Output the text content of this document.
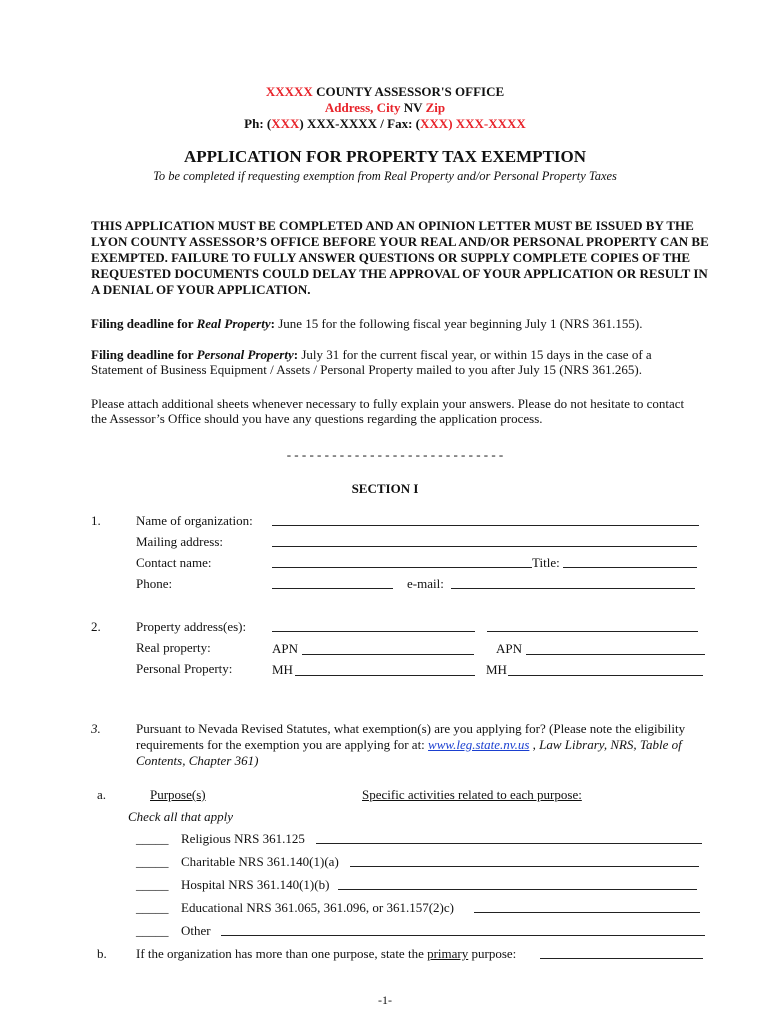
XXXXX COUNTY ASSESSOR'S OFFICE
Address, City NV Zip
Ph: (XXX) XXX-XXXX / Fax: (XXX) XXX-XXXX
APPLICATION FOR PROPERTY TAX EXEMPTION
To be completed if requesting exemption from Real Property and/or Personal Property Taxes
THIS APPLICATION MUST BE COMPLETED AND AN OPINION LETTER MUST BE ISSUED BY THE LYON COUNTY ASSESSOR’S OFFICE BEFORE YOUR REAL AND/OR PERSONAL PROPERTY CAN BE EXEMPTED. FAILURE TO FULLY ANSWER QUESTIONS OR SUPPLY COMPLETE COPIES OF THE REQUESTED DOCUMENTS COULD DELAY THE APPROVAL OF YOUR APPLICATION OR RESULT IN A DENIAL OF YOUR APPLICATION.
Filing deadline for Real Property: June 15 for the following fiscal year beginning July 1 (NRS 361.155).
Filing deadline for Personal Property: July 31 for the current fiscal year, or within 15 days in the case of a Statement of Business Equipment / Assets / Personal Property mailed to you after July 15 (NRS 361.265).
Please attach additional sheets whenever necessary to fully explain your answers. Please do not hesitate to contact the Assessor’s Office should you have any questions regarding the application process.
- - - - - - - - - - - - - - - - - - - - - - - - - - - - -
SECTION I
1.	Name of organization:
Mailing address:
Contact name:	Title:
Phone:	e-mail:
2.	Property address(es):
Real property:	APN	APN
Personal Property:	MH	MH
3.	Pursuant to Nevada Revised Statutes, what exemption(s) are you applying for? (Please note the eligibility requirements for the exemption you are applying for at: www.leg.state.nv.us , Law Library, NRS, Table of Contents, Chapter 361)
a.	Purpose(s)	Specific activities related to each purpose:
Check all that apply
_____ Religious NRS 361.125
_____ Charitable NRS 361.140(1)(a)
_____ Hospital NRS 361.140(1)(b)
_____ Educational NRS 361.065, 361.096, or 361.157(2)c)
_____ Other
b. If the organization has more than one purpose, state the primary purpose:
-1-
